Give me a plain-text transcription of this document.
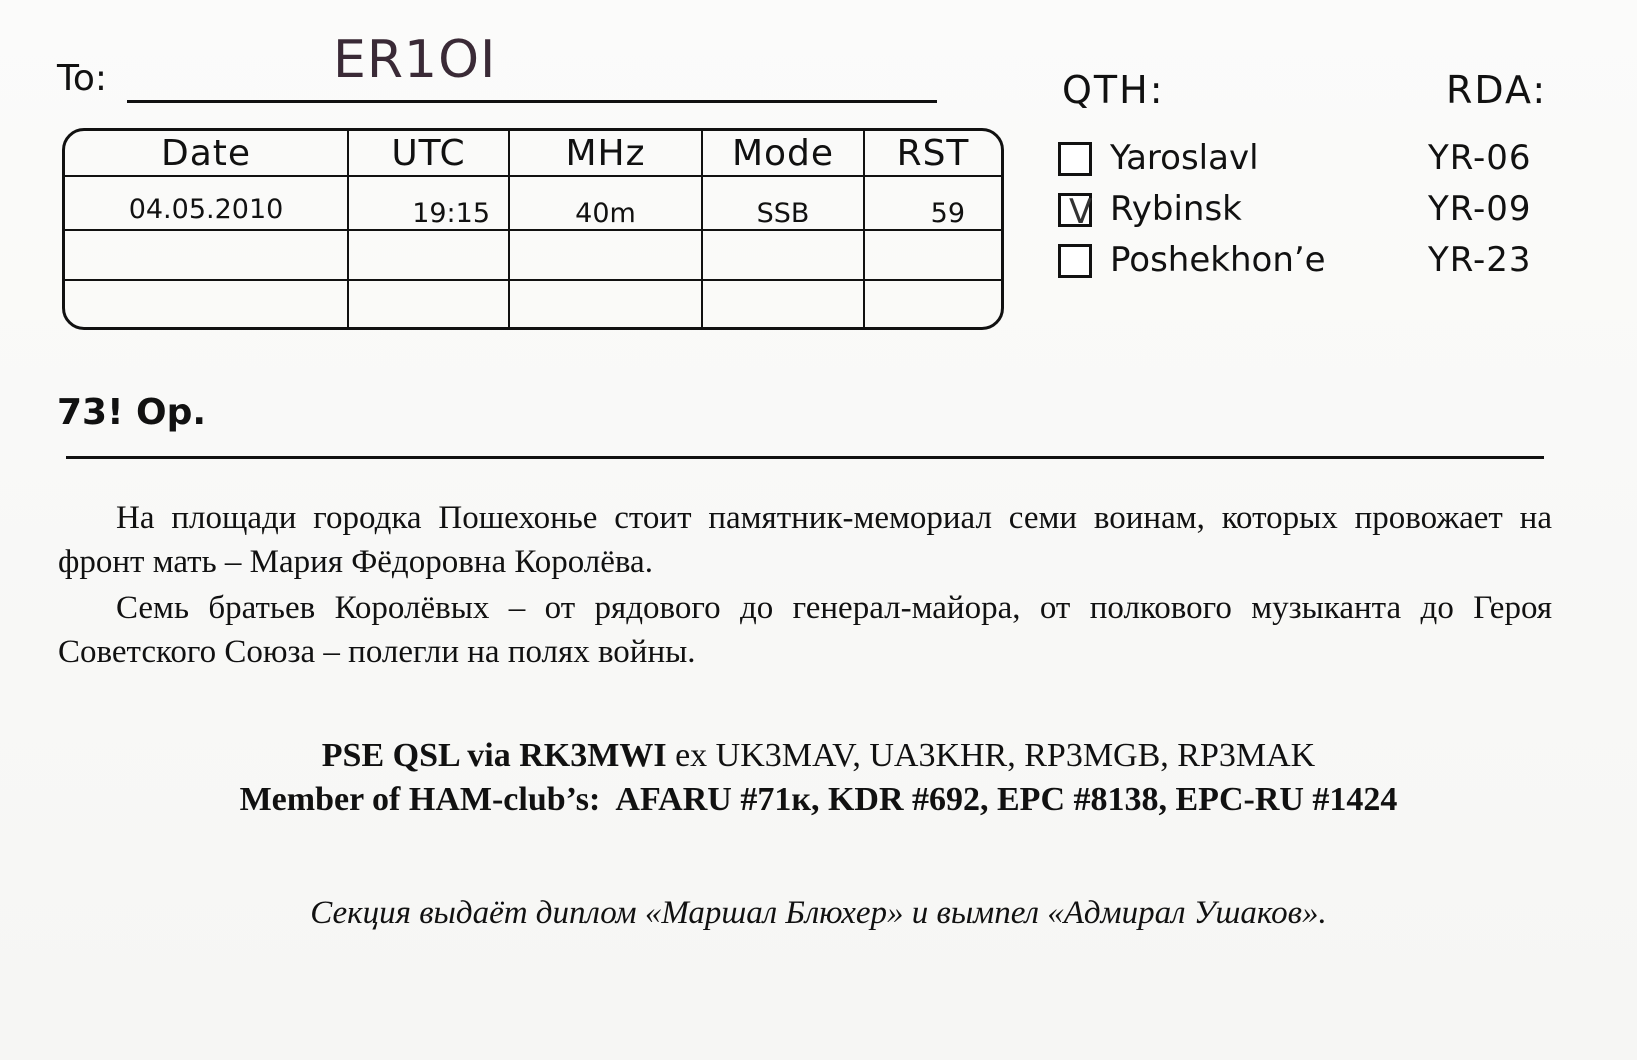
To:	ER1OI
Date	UTC	MHz	Mode	RST
04.05.2010	19:15	40m	SSB	59

QTH:	RDA:
Yaroslavl	YR-06
V Rybinsk	YR-09
Poshekhon’e	YR-23
73! Op.

На площади городка Пошехонье стоит памятник-мемориал семи воинам, которых провожает на фронт мать – Мария Фёдоровна Королёва.

Семь братьев Королёвых – от рядового до генерал-майора, от полкового музыканта до Героя Советского Союза – полегли на полях войны.

PSE QSL via RK3MWI ex UK3MAV, UA3KHR, RP3MGB, RP3MAK
Member of HAM-club’s:  AFARU #71к, KDR #692, EPC #8138, EPC-RU #1424
Секция выдаёт диплом «Маршал Блюхер» и вымпел «Адмирал Ушаков».
